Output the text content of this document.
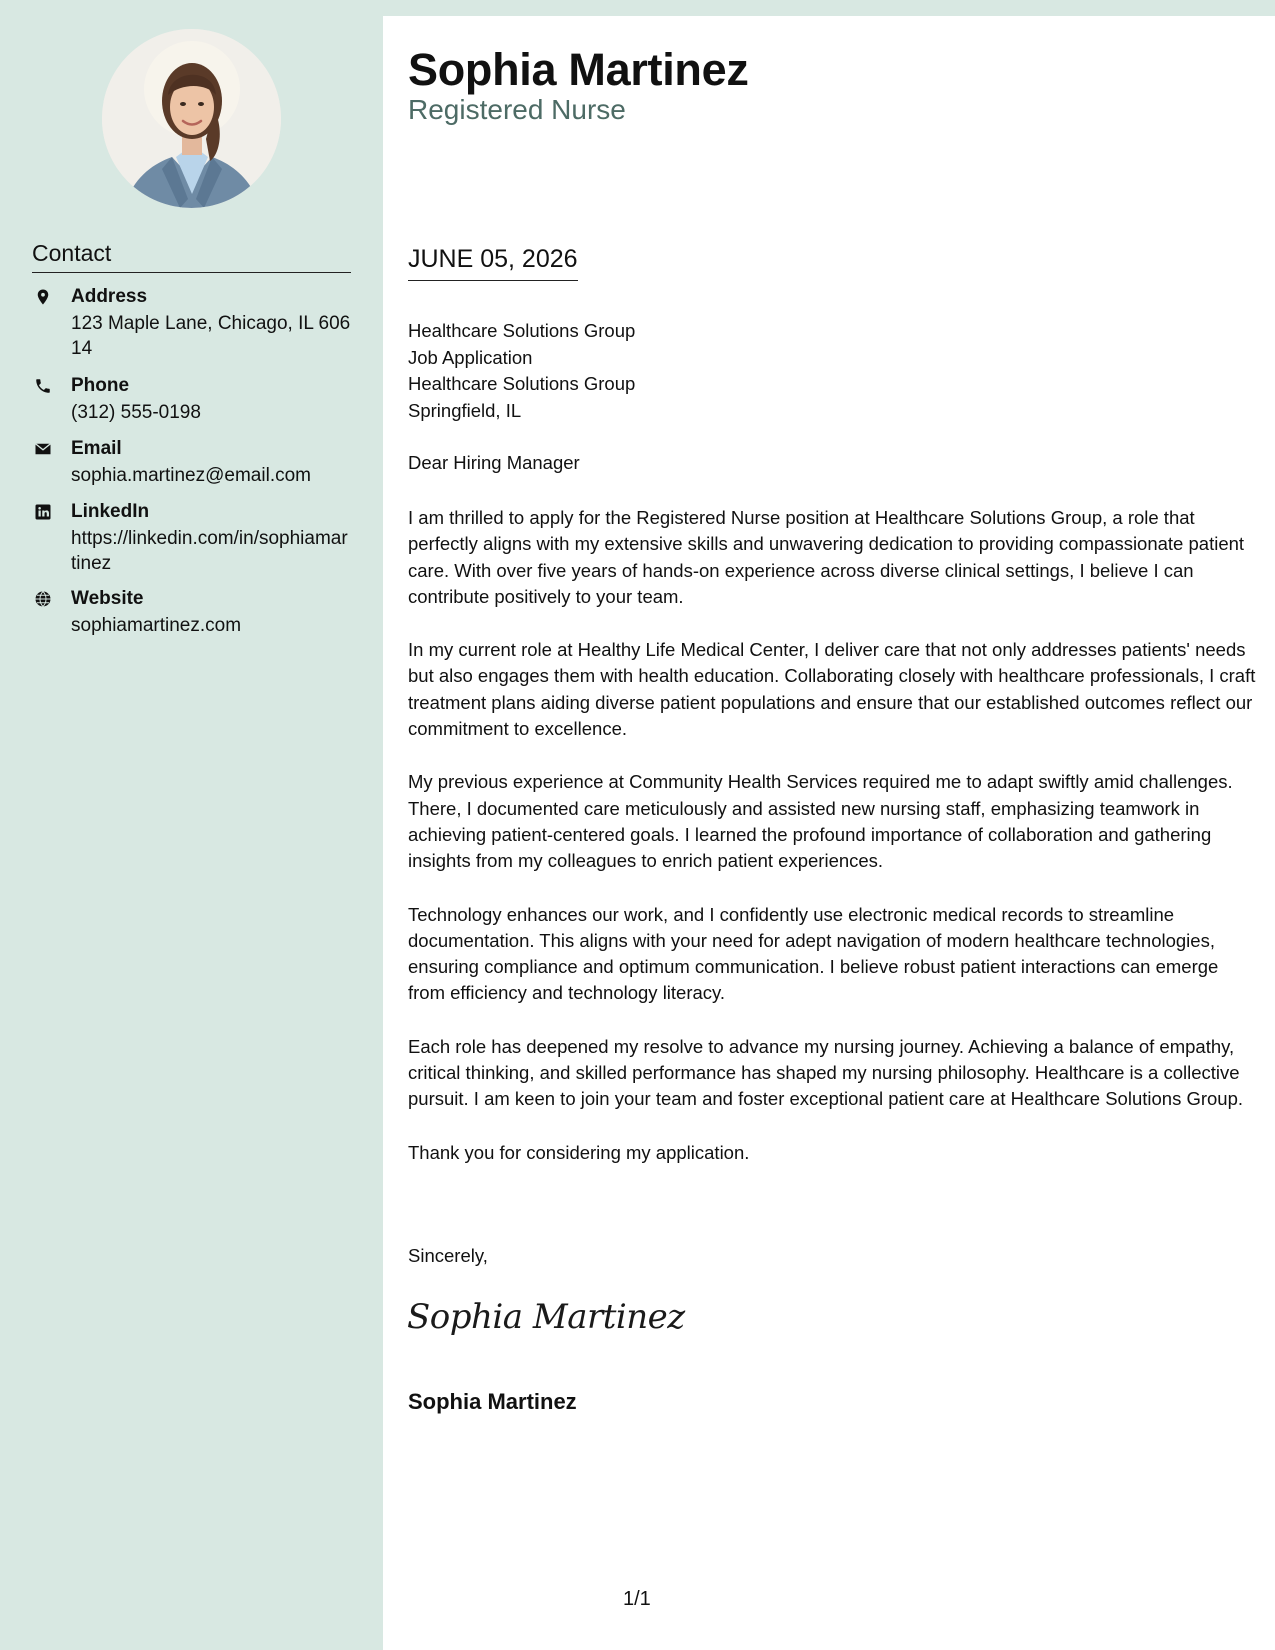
Contact
Address
123 Maple Lane, Chicago, IL 60614
Phone
(312) 555-0198
Email
sophia.martinez@email.com
LinkedIn
https://linkedin.com/in/sophiamartinez
Website
sophiamartinez.com
Sophia Martinez
Registered Nurse
JUNE 05, 2026
Healthcare Solutions Group
Job Application
Healthcare Solutions Group
Springfield, IL
Dear Hiring Manager

I am thrilled to apply for the Registered Nurse position at Healthcare Solutions Group, a role that perfectly aligns with my extensive skills and unwavering dedication to providing compassionate patient care. With over five years of hands-on experience across diverse clinical settings, I believe I can contribute positively to your team.

In my current role at Healthy Life Medical Center, I deliver care that not only addresses patients' needs but also engages them with health education. Collaborating closely with healthcare professionals, I craft treatment plans aiding diverse patient populations and ensure that our established outcomes reflect our commitment to excellence.

My previous experience at Community Health Services required me to adapt swiftly amid challenges. There, I documented care meticulously and assisted new nursing staff, emphasizing teamwork in achieving patient-centered goals. I learned the profound importance of collaboration and gathering insights from my colleagues to enrich patient experiences.

Technology enhances our work, and I confidently use electronic medical records to streamline documentation. This aligns with your need for adept navigation of modern healthcare technologies, ensuring compliance and optimum communication. I believe robust patient interactions can emerge from efficiency and technology literacy.

Each role has deepened my resolve to advance my nursing journey. Achieving a balance of empathy, critical thinking, and skilled performance has shaped my nursing philosophy. Healthcare is a collective pursuit. I am keen to join your team and foster exceptional patient care at Healthcare Solutions Group.

Thank you for considering my application.

Sincerely,
Sophia Martinez
Sophia Martinez
1/1
